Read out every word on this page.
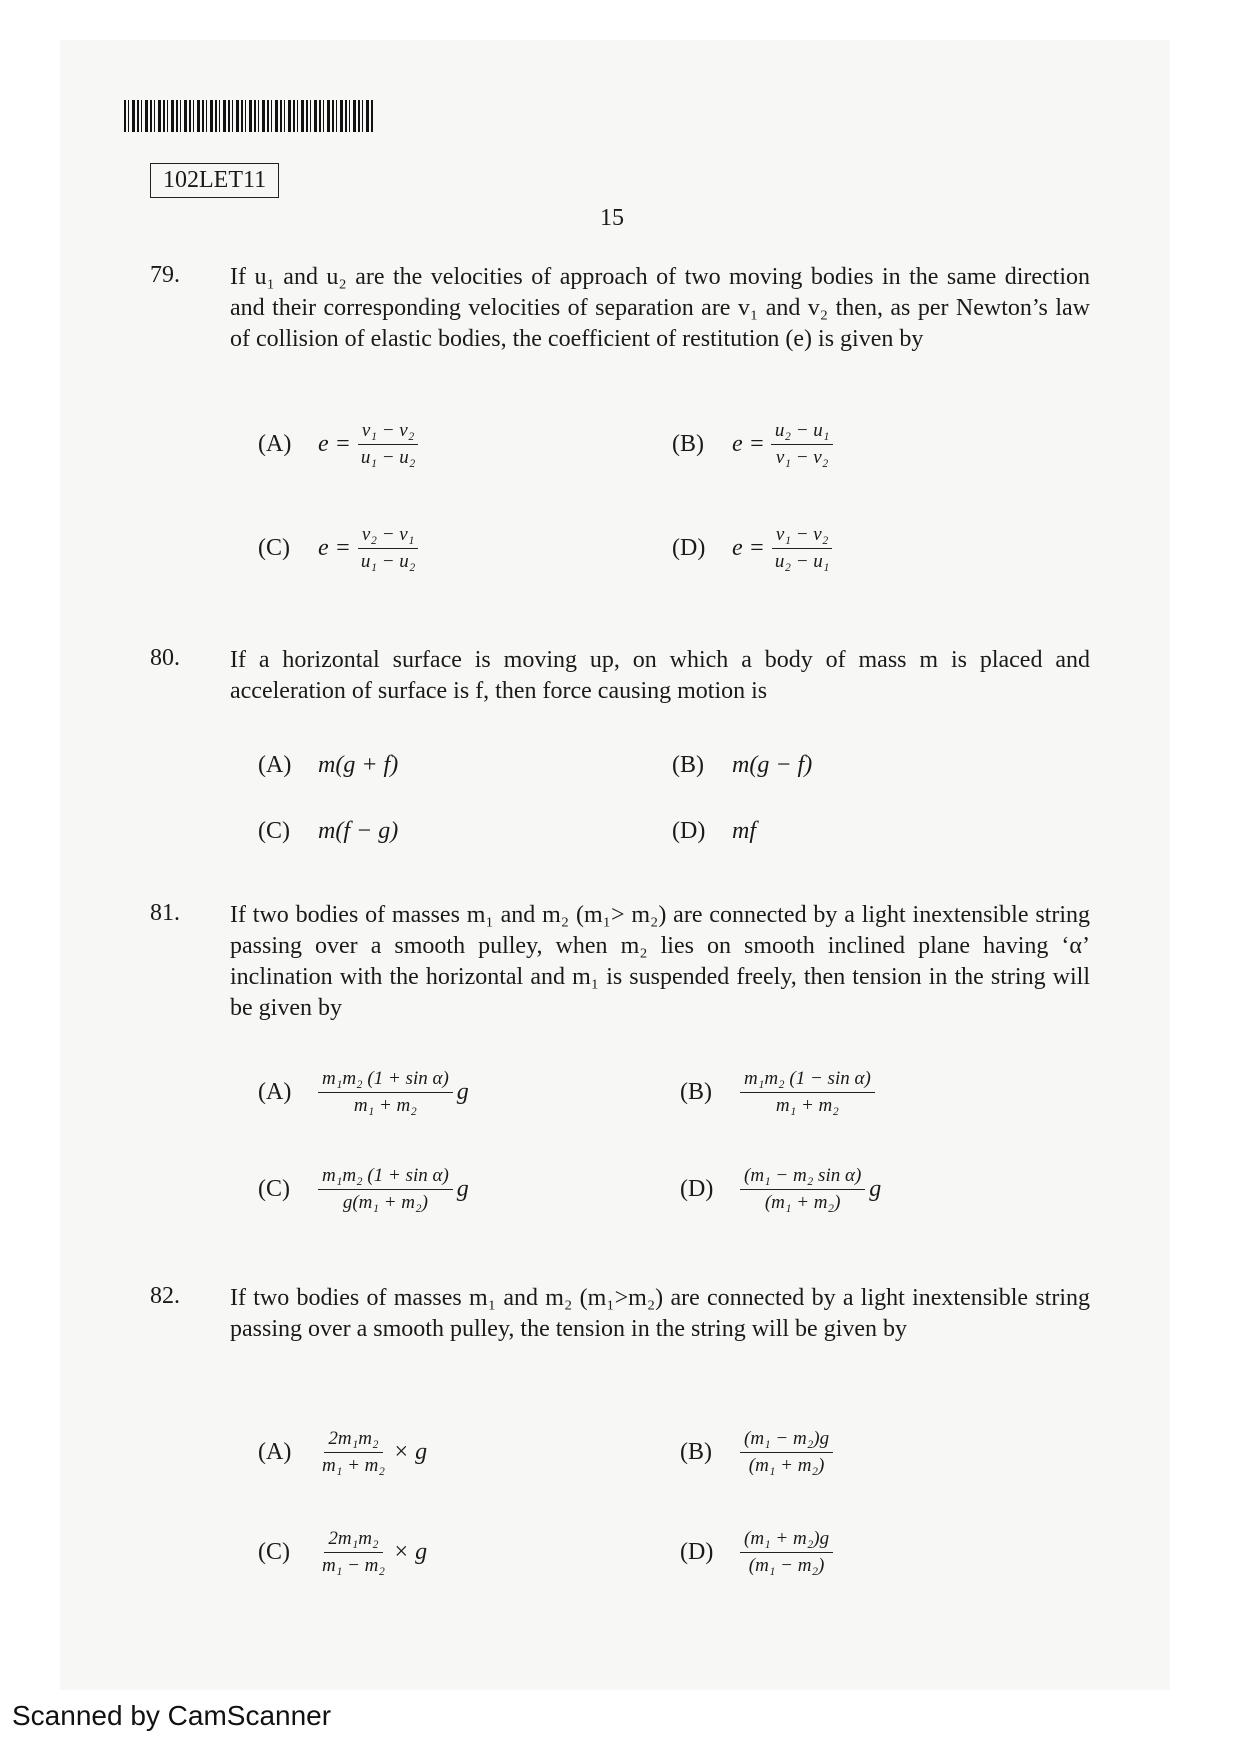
102LET11
15
79. If u₁ and u₂ are the velocities of approach of two moving bodies in the same direction and their corresponding velocities of separation are v₁ and v₂ then, as per Newton’s law of collision of elastic bodies, the coefficient of restitution (e) is given by
(A)	$e = \frac{\text{v₁ − v₂}}{\text{u₁ − u₂}}$	(B)	$e = \frac{\text{u₂ − u₁}}{\text{v₁ − v₂}}$
(C)	$e = \frac{\text{v₂ − v₁}}{\text{u₁ − u₂}}$	(D)	$e = \frac{\text{v₁ − v₂}}{\text{u₂ − u₁}}$
80. If a horizontal surface is moving up, on which a body of mass m is placed and acceleration of surface is f, then force causing motion is
(A)	m(g + f)	(B)	m(g − f)
(C)	m(f − g)	(D)	mf
81. If two bodies of masses m₁ and m₂ (m₁> m₂) are connected by a light inextensible string passing over a smooth pulley, when m₂ lies on smooth inclined plane having ‘α’ inclination with the horizontal and m₁ is suspended freely, then tension in the string will be given by
(A)	$\frac{\text{m₁m₂ (1 + sin α)}}{\text{m₁ + m₂}}$ g	(B)	$\frac{\text{m₁m₂ (1 − sin α)}}{\text{m₁ + m₂}}$
(C)	$\frac{\text{m₁m₂ (1 + sin α)}}{\text{g(m₁ + m₂)}}$ g	(D)	$\frac{\text{(m₁ − m₂ sin α)}}{\text{(m₁ + m₂)}}$ g
82. If two bodies of masses m₁ and m₂ (m₁>m₂) are connected by a light inextensible string passing over a smooth pulley, the tension in the string will be given by
(A)	$\frac{\text{2m₁m₂}}{\text{m₁ + m₂}} \times g$	(B)	$\frac{\text{(m₁ − m₂)g}}{\text{(m₁ + m₂)}}$
(C)	$\frac{\text{2m₁m₂}}{\text{m₁ − m₂}} \times g$	(D)	$\frac{\text{(m₁ + m₂)g}}{\text{(m₁ − m₂)}}$
Scanned by CamScanner
